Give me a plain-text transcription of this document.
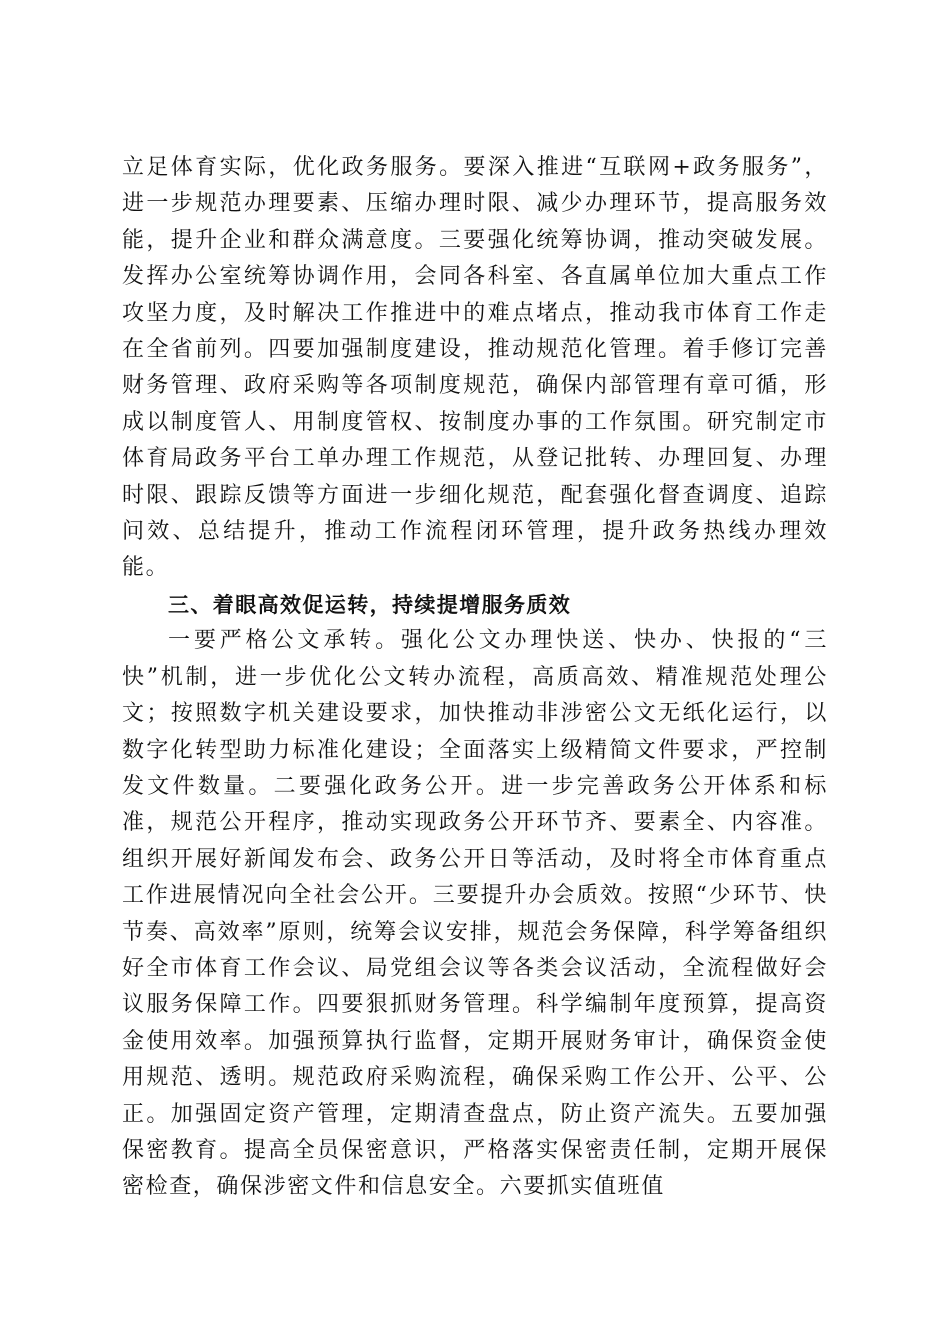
立足体育实际，优化政务服务。要深入推进“互联网+政务服务”，进一步规范办理要素、压缩办理时限、减少办理环节，提高服务效能，提升企业和群众满意度。三要强化统筹协调，推动突破发展。发挥办公室统筹协调作用，会同各科室、各直属单位加大重点工作攻坚力度，及时解决工作推进中的难点堵点，推动我市体育工作走在全省前列。四要加强制度建设，推动规范化管理。着手修订完善财务管理、政府采购等各项制度规范，确保内部管理有章可循，形成以制度管人、用制度管权、按制度办事的工作氛围。研究制定市体育局政务平台工单办理工作规范，从登记批转、办理回复、办理时限、跟踪反馈等方面进一步细化规范，配套强化督查调度、追踪问效、总结提升，推动工作流程闭环管理，提升政务热线办理效能。

三、着眼高效促运转，持续提增服务质效

一要严格公文承转。强化公文办理快送、快办、快报的“三快”机制，进一步优化公文转办流程，高质高效、精准规范处理公文；按照数字机关建设要求，加快推动非涉密公文无纸化运行，以数字化转型助力标准化建设；全面落实上级精简文件要求，严控制发文件数量。二要强化政务公开。进一步完善政务公开体系和标准，规范公开程序，推动实现政务公开环节齐、要素全、内容准。组织开展好新闻发布会、政务公开日等活动，及时将全市体育重点工作进展情况向全社会公开。三要提升办会质效。按照“少环节、快节奏、高效率”原则，统筹会议安排，规范会务保障，科学筹备组织好全市体育工作会议、局党组会议等各类会议活动，全流程做好会议服务保障工作。四要狠抓财务管理。科学编制年度预算，提高资金使用效率。加强预算执行监督，定期开展财务审计，确保资金使用规范、透明。规范政府采购流程，确保采购工作公开、公平、公正。加强固定资产管理，定期清查盘点，防止资产流失。五要加强保密教育。提高全员保密意识，严格落实保密责任制，定期开展保密检查，确保涉密文件和信息安全。六要抓实值班值
